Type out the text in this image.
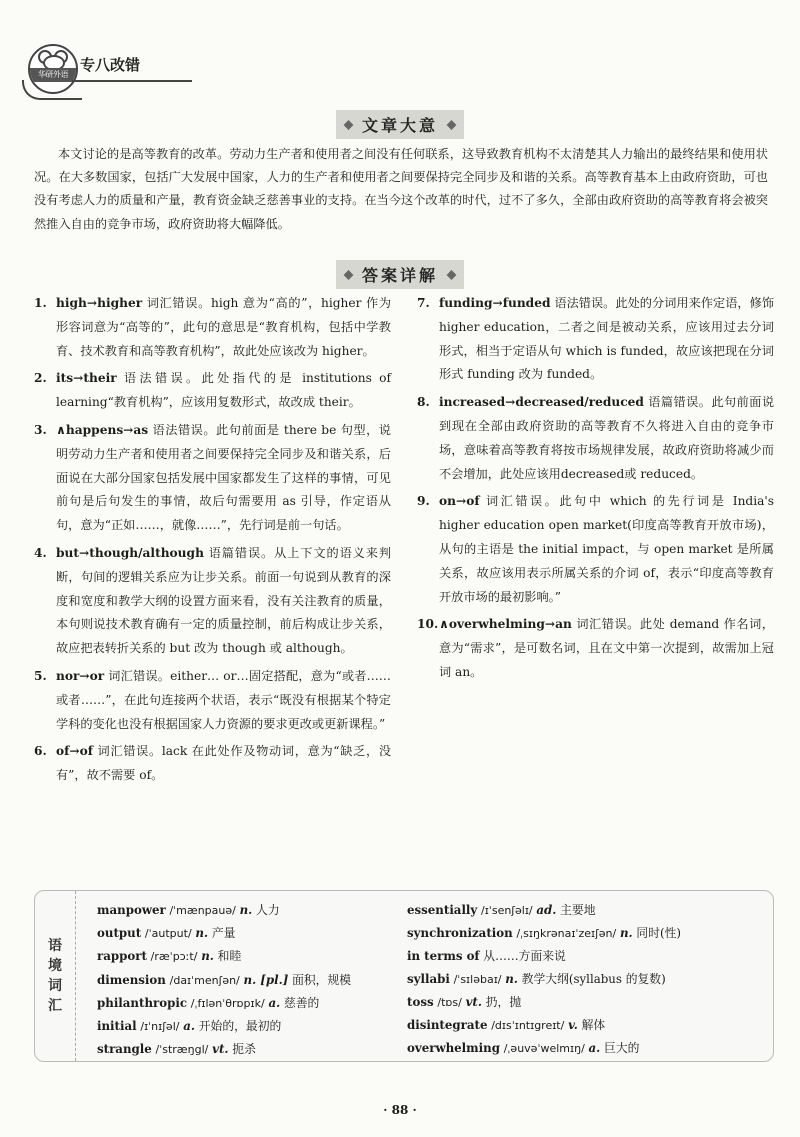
华研外语
专八改错
文章大意

本文讨论的是高等教育的改革。劳动力生产者和使用者之间没有任何联系，这导致教育机构不太清楚其人力输出的最终结果和使用状况。在大多数国家，包括广大发展中国家，人力的生产者和使用者之间要保持完全同步及和谐的关系。高等教育基本上由政府资助，可也没有考虑人力的质量和产量，教育资金缺乏慈善事业的支持。在当今这个改革的时代，过不了多久，全部由政府资助的高等教育将会被突然推入自由的竞争市场，政府资助将大幅降低。

答案详解
1. high→higher 词汇错误。high 意为“高的”，higher 作为形容词意为“高等的”，此句的意思是“教育机构，包括中学教育、技术教育和高等教育机构”，故此处应该改为 higher。
2. its→their 语法错误。此处指代的是 institutions of learning“教育机构”，应该用复数形式，故改成 their。
3. ∧happens→as 语法错误。此句前面是 there be 句型，说明劳动力生产者和使用者之间要保持完全同步及和谐关系，后面说在大部分国家包括发展中国家都发生了这样的事情，可见前句是后句发生的事情，故后句需要用 as 引导，作定语从句，意为“正如……，就像……”，先行词是前一句话。
4. but→though/although 语篇错误。从上下文的语义来判断，句间的逻辑关系应为让步关系。前面一句说到从教育的深度和宽度和教学大纲的设置方面来看，没有关注教育的质量，本句则说技术教育确有一定的质量控制，前后构成让步关系，故应把表转折关系的 but 改为 though 或 although。
5. nor→or 词汇错误。either… or…固定搭配，意为“或者……或者……”，在此句连接两个状语，表示“既没有根据某个特定学科的变化也没有根据国家人力资源的要求更改或更新课程。”
6. of→of 词汇错误。lack 在此处作及物动词，意为“缺乏，没有”，故不需要 of。
7. funding→funded 语法错误。此处的分词用来作定语，修饰 higher education，二者之间是被动关系，应该用过去分词形式，相当于定语从句 which is funded，故应该把现在分词形式 funding 改为 funded。
8. increased→decreased/reduced 语篇错误。此句前面说到现在全部由政府资助的高等教育不久将进入自由的竞争市场，意味着高等教育将按市场规律发展，故政府资助将减少而不会增加，此处应该用decreased或 reduced。
9. on→of 词汇错误。此句中 which 的先行词是 India's higher education open market(印度高等教育开放市场)，从句的主语是 the initial impact，与 open market 是所属关系，故应该用表示所属关系的介词 of，表示“印度高等教育开放市场的最初影响。”
10. ∧overwhelming→an 词汇错误。此处 demand 作名词，意为“需求”，是可数名词，且在文中第一次提到，故需加上冠词 an。
语境词汇
manpower /ˈmænpauə/ n. 人力
output /ˈautput/ n. 产量
rapport /ræˈpɔːt/ n. 和睦
dimension /daɪˈmenʃən/ n. [pl.] 面积，规模
philanthropic /ˌfɪlənˈθrɒpɪk/ a. 慈善的
initial /ɪˈnɪʃəl/ a. 开始的，最初的
strangle /ˈstræŋgl/ vt. 扼杀
essentially /ɪˈsenʃəlɪ/ ad. 主要地
synchronization /ˌsɪŋkrənaɪˈzeɪʃən/ n. 同时(性)
in terms of 从……方面来说
syllabi /ˈsɪləbaɪ/ n. 教学大纲(syllabus 的复数)
toss /tɒs/ vt. 扔，抛
disintegrate /dɪsˈɪntɪgreɪt/ v. 解体
overwhelming /ˌəuvəˈwelmɪŋ/ a. 巨大的
· 88 ·
